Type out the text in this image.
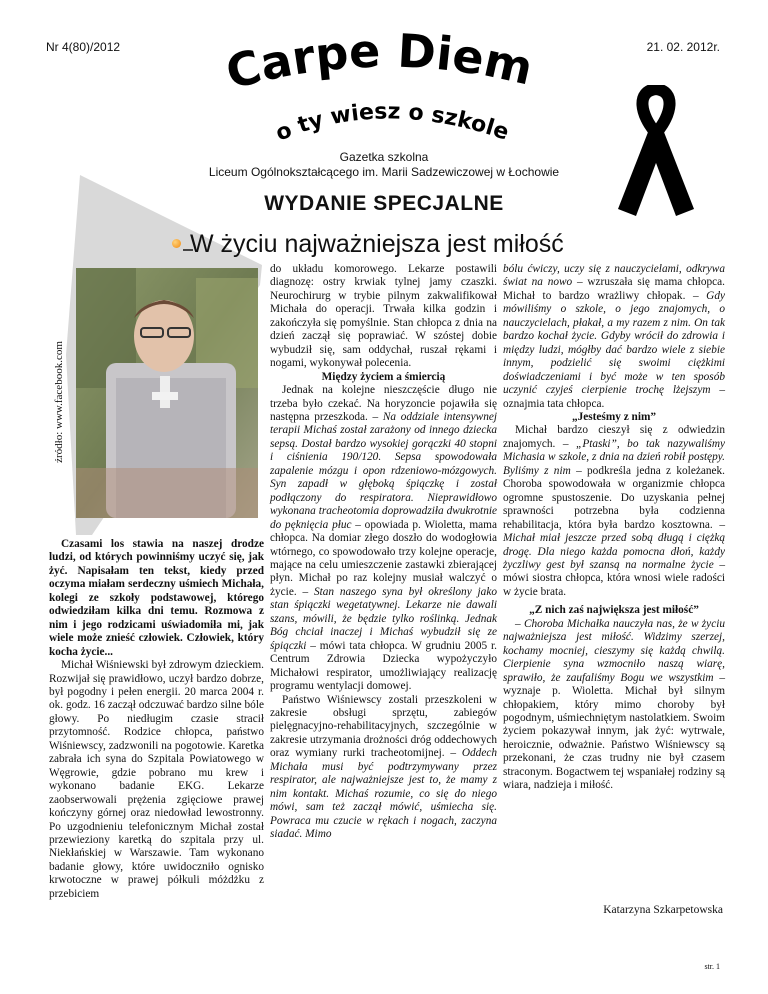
Nr 4(80)/2012	21. 02. 2012r.
Carpe Diem
Co ty wiesz o szkole?
Gazetka szkolna
Liceum Ogólnokształcącego im. Marii Sadzewiczowej w Łochowie
WYDANIE SPECJALNE
W życiu najważniejsza jest miłość
źródło: www.facebook.com

Czasami los stawia na naszej drodze ludzi, od których powinniśmy uczyć się, jak żyć. Napisałam ten tekst, kiedy przed oczyma miałam serdeczny uśmiech Michała, kolegi ze szkoły podstawowej, którego odwiedziłam kilka dni temu. Rozmowa z nim i jego rodzicami uświadomiła mi, jak wiele może znieść człowiek. Człowiek, który kocha życie...

Michał Wiśniewski był zdrowym dzieckiem. Rozwijał się prawidłowo, uczył bardzo dobrze, był pogodny i pełen energii. 20 marca 2004 r. ok. godz. 16 zaczął odczuwać bardzo silne bóle głowy. Po niedługim czasie stracił przytomność. Rodzice chłopca, państwo Wiśniewscy, zadzwonili na pogotowie. Karetka zabrała ich syna do Szpitala Powiatowego w Węgrowie, gdzie pobrano mu krew i wykonano badanie EKG. Lekarze zaobserwowali prężenia zgięciowe prawej kończyny górnej oraz niedowład lewostronny. Po uzgodnieniu telefonicznym Michał został przewieziony karetką do szpitala przy ul. Niekłańskiej w Warszawie. Tam wykonano badanie głowy, które uwidoczniło ognisko krwotoczne w prawej półkuli móżdżku z przebiciem

do układu komorowego. Lekarze postawili diagnozę: ostry krwiak tylnej jamy czaszki. Neurochirurg w trybie pilnym zakwalifikował Michała do operacji. Trwała kilka godzin i zakończyła się pomyślnie. Stan chłopca z dnia na dzień zaczął się poprawiać. W szóstej dobie wybudził się, sam oddychał, ruszał rękami i nogami, wykonywał polecenia.

Między życiem a śmiercią

Jednak na kolejne nieszczęście długo nie trzeba było czekać. Na horyzoncie pojawiła się następna przeszkoda. – Na oddziale intensywnej terapii Michaś został zarażony od innego dziecka sepsą. Dostał bardzo wysokiej gorączki 40 stopni i ciśnienia 190/120. Sepsa spowodowała zapalenie mózgu i opon rdzeniowo-mózgowych. Syn zapadł w głęboką śpiączkę i został podłączony do respiratora. Nieprawidłowo wykonana tracheotomia doprowadziła dwukrotnie do pęknięcia płuc – opowiada p. Wioletta, mama chłopca. Na domiar złego doszło do wodogłowia wtórnego, co spowodowało trzy kolejne operacje, mające na celu umieszczenie zastawki zbierającej płyn. Michał po raz kolejny musiał walczyć o życie. – Stan naszego syna był określony jako stan śpiączki wegetatywnej. Lekarze nie dawali szans, mówili, że będzie tylko roślinką. Jednak Bóg chciał inaczej i Michaś wybudził się ze śpiączki – mówi tata chłopca. W grudniu 2005 r. Centrum Zdrowia Dziecka wypożyczyło Michałowi respirator, umożliwiający realizację programu wentylacji domowej.

Państwo Wiśniewscy zostali przeszkoleni w zakresie obsługi sprzętu, zabiegów pielęgnacyjno-rehabilitacyjnych, szczególnie w zakresie utrzymania drożności dróg oddechowych oraz wymiany rurki tracheotomijnej. – Oddech Michała musi być podtrzymywany przez respirator, ale najważniejsze jest to, że mamy z nim kontakt. Michaś rozumie, co się do niego mówi, sam też zaczął mówić, uśmiecha się. Powraca mu czucie w rękach i nogach, zaczyna siadać. Mimo

bólu ćwiczy, uczy się z nauczycielami, odkrywa świat na nowo – wzruszała się mama chłopca. Michał to bardzo wrażliwy chłopak. – Gdy mówiliśmy o szkole, o jego znajomych, o nauczycielach, płakał, a my razem z nim. On tak bardzo kochał życie. Gdyby wrócił do zdrowia i między ludzi, mógłby dać bardzo wiele z siebie innym, podzielić się swoimi ciężkimi doświadczeniami i być może w ten sposób uczynić czyjeś cierpienie trochę lżejszym – oznajmia tata chłopca.

„Jesteśmy z nim”

Michał bardzo cieszył się z odwiedzin znajomych. – „Ptaski”, bo tak nazywaliśmy Michasia w szkole, z dnia na dzień robił postępy. Byliśmy z nim – podkreśla jedna z koleżanek. Choroba spowodowała w organizmie chłopca ogromne spustoszenie. Do uzyskania pełnej sprawności potrzebna była codzienna rehabilitacja, która była bardzo kosztowna. – Michał miał jeszcze przed sobą długą i ciężką drogę. Dla niego każda pomocna dłoń, każdy życzliwy gest był szansą na normalne życie – mówi siostra chłopca, która wnosi wiele radości w życie brata.

„Z nich zaś największa jest miłość”

– Choroba Michałka nauczyła nas, że w życiu najważniejsza jest miłość. Widzimy szerzej, kochamy mocniej, cieszymy się każdą chwilą. Cierpienie syna wzmocniło naszą wiarę, sprawiło, że zaufaliśmy Bogu we wszystkim – wyznaje p. Wioletta. Michał był silnym chłopakiem, który mimo choroby był pogodnym, uśmiechniętym nastolatkiem. Swoim życiem pokazywał innym, jak żyć: wytrwale, heroicznie, odważnie. Państwo Wiśniewscy są przekonani, że czas trudny nie był czasem straconym. Bogactwem tej wspaniałej rodziny są wiara, nadzieja i miłość.

Katarzyna Szkarpetowska
str. 1
